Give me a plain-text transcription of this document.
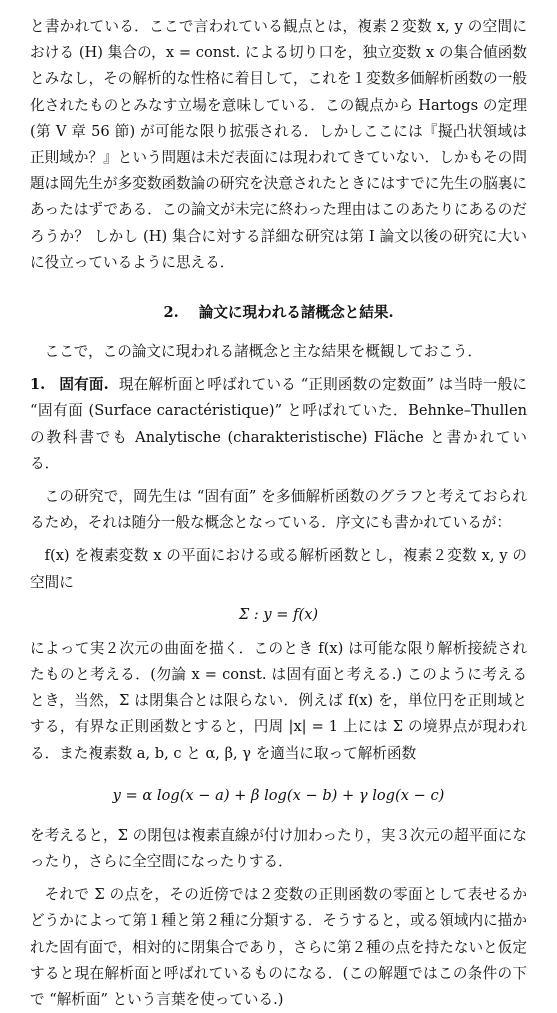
と書かれている．ここで言われている観点とは，複素２変数 x, y の空間における (H) 集合の，x = const. による切り口を，独立変数 x の集合値函数とみなし，その解析的な性格に着目して，これを１変数多価解析函数の一般化されたものとみなす立場を意味している．この観点から Hartogs の定理 (第 V 章 56 節) が可能な限り拡張される．しかしここには『擬凸状領域は正則域か？』という問題は未だ表面には現われてきていない．しかもその問題は岡先生が多変数函数論の研究を決意されたときにはすでに先生の脳裏にあったはずである．この論文が未完に終わった理由はこのあたりにあるのだろうか？ しかし (H) 集合に対する詳細な研究は第 I 論文以後の研究に大いに役立っているように思える．

2. 論文に現われる諸概念と結果.

ここで，この論文に現われる諸概念と主な結果を概観しておこう．

1. 固有面. 現在解析面と呼ばれている “正則函数の定数面” は当時一般に “固有面 (Surface caractéristique)” と呼ばれていた．Behnke–Thullen の教科書でも Analytische (charakteristische) Fläche と書かれている．

この研究で，岡先生は “固有面” を多価解析函数のグラフと考えておられるため，それは随分一般な概念となっている．序文にも書かれているが：

f(x) を複素変数 x の平面における或る解析函数とし，複素２変数 x, y の空間に

Σ : y = f(x)

によって実２次元の曲面を描く．このとき f(x) は可能な限り解析接続されたものと考える．(勿論 x = const. は固有面と考える.) このように考えるとき，当然，Σ は閉集合とは限らない．例えば f(x) を，単位円を正則域とする，有界な正則函数とすると，円周 |x| = 1 上には Σ の境界点が現われる．また複素数 a, b, c と α, β, γ を適当に取って解析函数

y = α log(x − a) + β log(x − b) + γ log(x − c)

を考えると，Σ の閉包は複素直線が付け加わったり，実３次元の超平面になったり，さらに全空間になったりする．

それで Σ の点を，その近傍では２変数の正則函数の零面として表せるかどうかによって第１種と第２種に分類する．そうすると，或る領域内に描かれた固有面で，相対的に閉集合であり，さらに第２種の点を持たないと仮定すると現在解析面と呼ばれているものになる．(この解題ではこの条件の下で “解析面” という言葉を使っている.)
